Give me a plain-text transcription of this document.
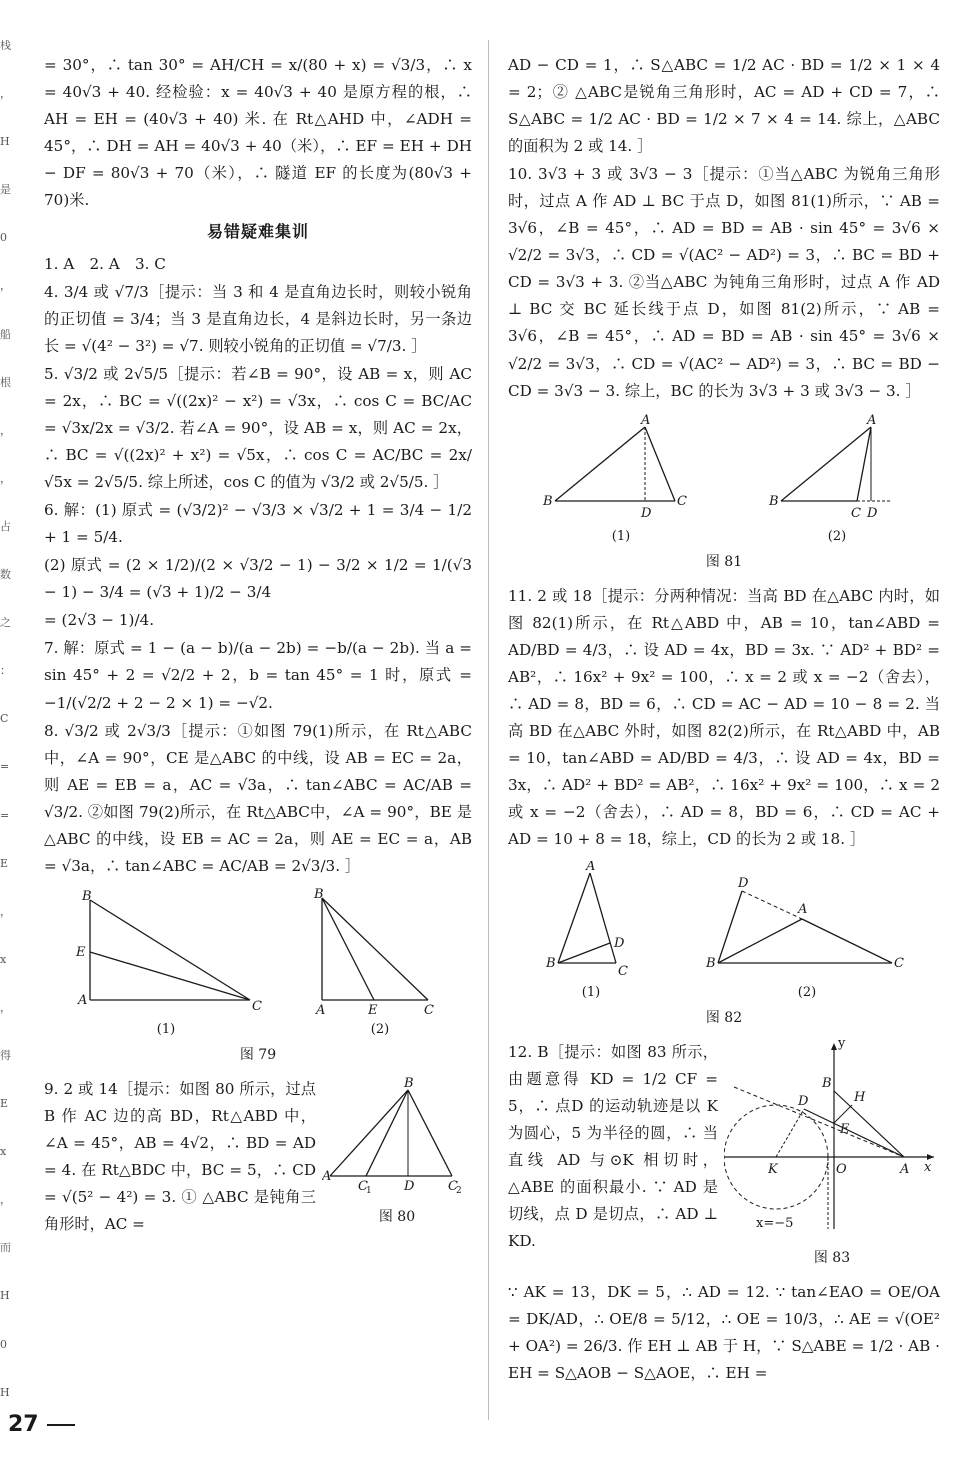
栈
，
H
是
0
，
船
根
，
，
占
数
之
：
C
=
=
E
，
x
，
得
E
x
，
而
H
0
H

= 30°，∴ tan 30° = AH/CH = x/(80 + x) = √3/3，∴ x = 40√3 + 40. 经检验：x = 40√3 + 40 是原方程的根，∴ AH = EH = (40√3 + 40) 米. 在 Rt△AHD 中，∠ADH = 45°，∴ DH = AH = 40√3 + 40（米），∴ EF = EH + DH − DF = 80√3 + 70（米），∴ 隧道 EF 的长度为(80√3 + 70)米.

易错疑难集训

1. A　2. A　3. C

4. 3/4 或 √7/3［提示：当 3 和 4 是直角边长时，则较小锐角的正切值 = 3/4；当 3 是直角边长，4 是斜边长时，另一条边长 = √(4² − 3²) = √7. 则较小锐角的正切值 = √7/3. ］

5. √3/2 或 2√5/5［提示：若∠B = 90°，设 AB = x，则 AC = 2x，∴ BC = √((2x)² − x²) = √3x，∴ cos C = BC/AC = √3x/2x = √3/2. 若∠A = 90°，设 AB = x，则 AC = 2x，∴ BC = √((2x)² + x²) = √5x，∴ cos C = AC/BC = 2x/√5x = 2√5/5. 综上所述，cos C 的值为 √3/2 或 2√5/5. ］

6. 解：(1) 原式 = (√3/2)² − √3/3 × √3/2 + 1 = 3/4 − 1/2 + 1 = 5/4.

(2) 原式 = (2 × 1/2)/(2 × √3/2 − 1) − 3/2 × 1/2 = 1/(√3 − 1) − 3/4 = (√3 + 1)/2 − 3/4

= (2√3 − 1)/4.

7. 解：原式 = 1 − (a − b)/(a − 2b) = −b/(a − 2b). 当 a = sin 45° + 2 = √2/2 + 2，b = tan 45° = 1 时，原式 = −1/(√2/2 + 2 − 2 × 1) = −√2.

8. √3/2 或 2√3/3［提示：①如图 79(1)所示，在 Rt△ABC 中，∠A = 90°，CE 是△ABC 的中线，设 AB = EC = 2a，则 AE = EB = a，AC = √3a，∴ tan∠ABC = AC/AB = √3/2. ②如图 79(2)所示，在 Rt△ABC中，∠A = 90°，BE 是△ABC 的中线，设 EB = AC = 2a，则 AE = EC = a，AB = √3a，∴ tan∠ABC = AC/AB = 2√3/3. ］

B
E
A	C
(1)
B
A	E	C
(2)
图 79

9. 2 或 14［提示：如图 80 所示，过点 B 作 AC 边的高 BD，Rt△ABD 中，∠A = 45°，AB = 4√2，∴ BD = AD = 4. 在 Rt△BDC 中，BC = 5，∴ CD = √(5² − 4²) = 3. ① △ABC 是钝角三角形时，AC =

B
A
C
1 D	C
2
图 80

AD − CD = 1，∴ S△ABC = 1/2 AC · BD = 1/2 × 1 × 4 = 2；② △ABC是锐角三角形时，AC = AD + CD = 7，∴ S△ABC = 1/2 AC · BD = 1/2 × 7 × 4 = 14. 综上，△ABC 的面积为 2 或 14. ］

10. 3√3 + 3 或 3√3 − 3［提示：①当△ABC 为锐角三角形时，过点 A 作 AD ⊥ BC 于点 D，如图 81(1)所示，∵ AB = 3√6，∠B = 45°，∴ AD = BD = AB · sin 45° = 3√6 × √2/2 = 3√3，∴ CD = √(AC² − AD²) = 3，∴ BC = BD + CD = 3√3 + 3. ②当△ABC 为钝角三角形时，过点 A 作 AD ⊥ BC 交 BC 延长线于点 D，如图 81(2)所示，∵ AB = 3√6，∠B = 45°，∴ AD = BD = AB · sin 45° = 3√6 × √2/2 = 3√3，∴ CD = √(AC² − AD²) = 3，∴ BC = BD − CD = 3√3 − 3. 综上，BC 的长为 3√3 + 3 或 3√3 − 3. ］

A
B
D
C
(1)
A
B
C D
(2)
图 81

11. 2 或 18［提示：分两种情况：当高 BD 在△ABC 内时，如图 82(1)所示，在 Rt△ABD 中，AB = 10，tan∠ABD = AD/BD = 4/3，∴ 设 AD = 4x，BD = 3x. ∵ AD² + BD² = AB²，∴ 16x² + 9x² = 100，∴ x = 2 或 x = −2（舍去），∴ AD = 8，BD = 6，∴ CD = AC − AD = 10 − 8 = 2. 当高 BD 在△ABC 外时，如图 82(2)所示，在 Rt△ABD 中，AB = 10，tan∠ABD = AD/BD = 4/3，∴ 设 AD = 4x，BD = 3x，∴ AD² + BD² = AB²，∴ 16x² + 9x² = 100，∴ x = 2 或 x = −2（舍去），∴ AD = 8，BD = 6，∴ CD = AC + AD = 10 + 8 = 18，综上，CD 的长为 2 或 18. ］

A
B
D
C
(1)
D
A
B	C
(2)
图 82

12. B［提示：如图 83 所示，由题意得 KD = 1/2 CF = 5，∴ 点D 的运动轨迹是以 K 为圆心，5 为半径的圆，∴ 当直线 AD 与⊙K 相切时，△ABE 的面积最小. ∵ AD 是切线，点 D 是切点，∴ AD ⊥ KD.

y
x
B
H
D
E
K	O	A
x=−5
图 83

∵ AK = 13，DK = 5，∴ AD = 12. ∵ tan∠EAO = OE/OA = DK/AD，∴ OE/8 = 5/12，∴ OE = 10/3，∴ AE = √(OE² + OA²) = 26/3. 作 EH ⊥ AB 于 H，∵ S△ABE = 1/2 · AB · EH = S△AOB − S△AOE，∴ EH =

27
